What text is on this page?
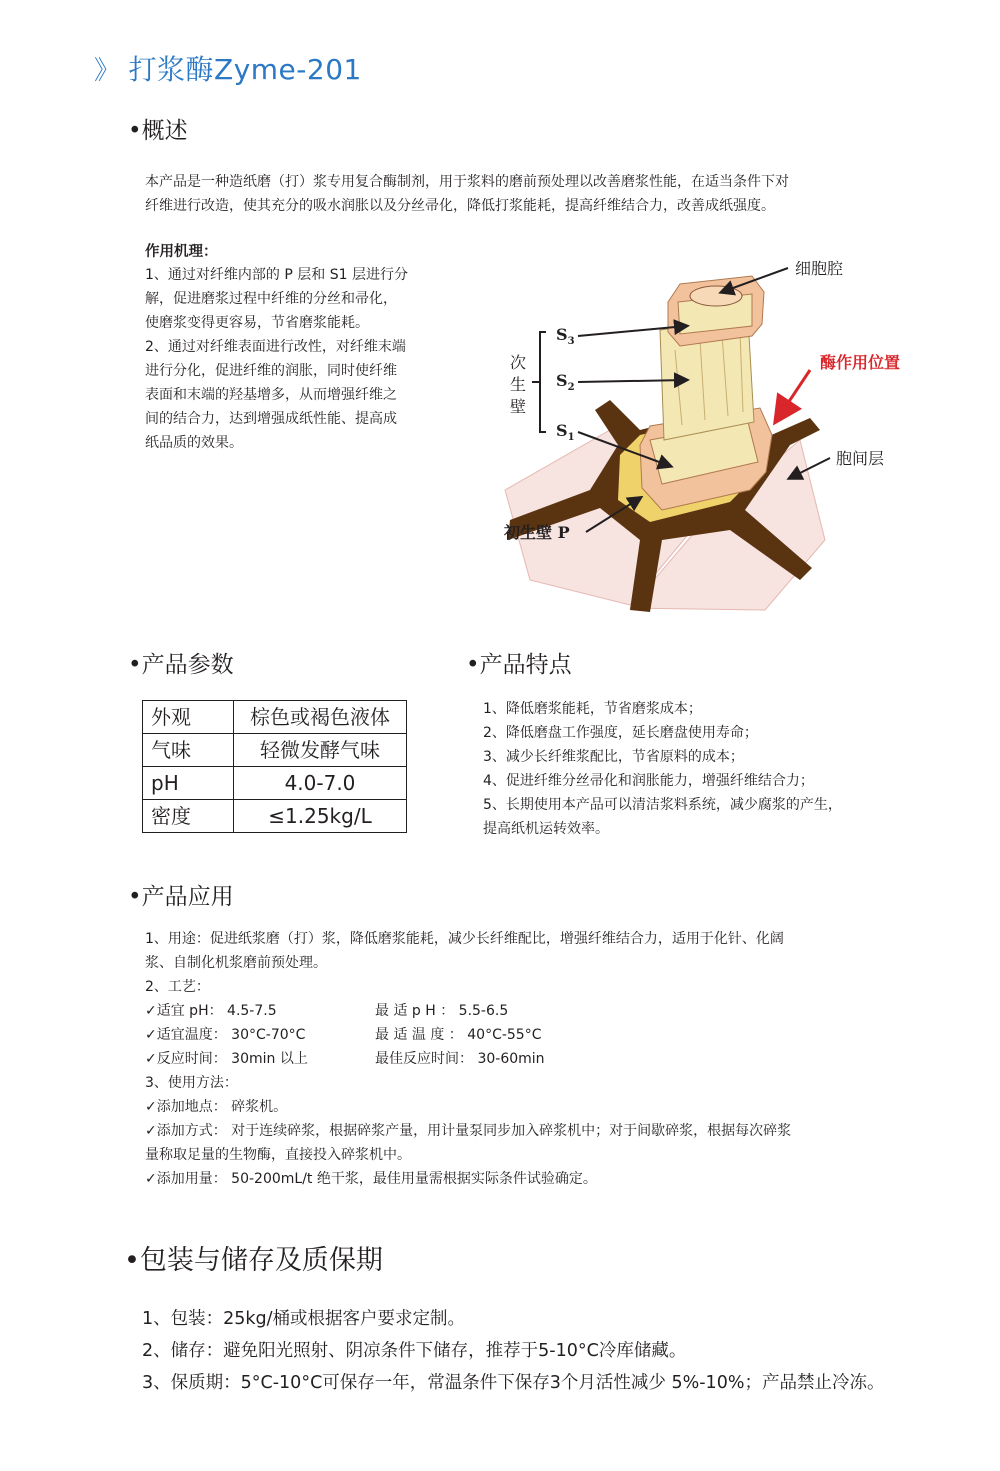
》 打浆酶Zyme-201
•概述

本产品是一种造纸磨（打）浆专用复合酶制剂，用于浆料的磨前预处理以改善磨浆性能，在适当条件下对

纤维进行改造，使其充分的吸水润胀以及分丝帚化，降低打浆能耗，提高纤维结合力，改善成纸强度。

作用机理：

1、通过对纤维内部的 P 层和 S1 层进行分

解，促进磨浆过程中纤维的分丝和帚化，

使磨浆变得更容易，节省磨浆能耗。

2、通过对纤维表面进行改性，对纤维末端

进行分化，促进纤维的润胀，同时使纤维

表面和末端的羟基增多，从而增强纤维之

间的结合力，达到增强成纸性能、提高成

纸品质的效果。

细胞腔
酶作用位置
胞间层
次
生
壁
$S_3$
$S_2$
$S_1$
初生壁 P
•产品参数
外观	棕色或褐色液体
气味	轻微发酵气味
pH	4.0-7.0
密度	≤1.25kg/L
•产品特点

1、降低磨浆能耗，节省磨浆成本；

2、降低磨盘工作强度，延长磨盘使用寿命；

3、减少长纤维浆配比，节省原料的成本；

4、促进纤维分丝帚化和润胀能力，增强纤维结合力；

5、长期使用本产品可以清洁浆料系统，减少腐浆的产生，

提高纸机运转效率。

•产品应用

1、用途：促进纸浆磨（打）浆，降低磨浆能耗，减少长纤维配比，增强纤维结合力，适用于化针、化阔

浆、自制化机浆磨前预处理。

2、工艺：

✓适宜 pH： 4.5-7.5	最 适 p H ： 5.5-6.5

✓适宜温度： 30°C-70°C	最 适 温 度 ： 40°C-55°C

✓反应时间： 30min 以上	最佳反应时间： 30-60min

3、使用方法：

✓添加地点： 碎浆机。

✓添加方式： 对于连续碎浆，根据碎浆产量，用计量泵同步加入碎浆机中；对于间歇碎浆，根据每次碎浆

量称取足量的生物酶，直接投入碎浆机中。

✓添加用量： 50-200mL/t 绝干浆，最佳用量需根据实际条件试验确定。

•包装与储存及质保期

1、包装：25kg/桶或根据客户要求定制。

2、储存：避免阳光照射、阴凉条件下储存，推荐于5-10°C冷库储藏。

3、保质期：5°C-10°C可保存一年，常温条件下保存3个月活性减少 5%-10%；产品禁止冷冻。
